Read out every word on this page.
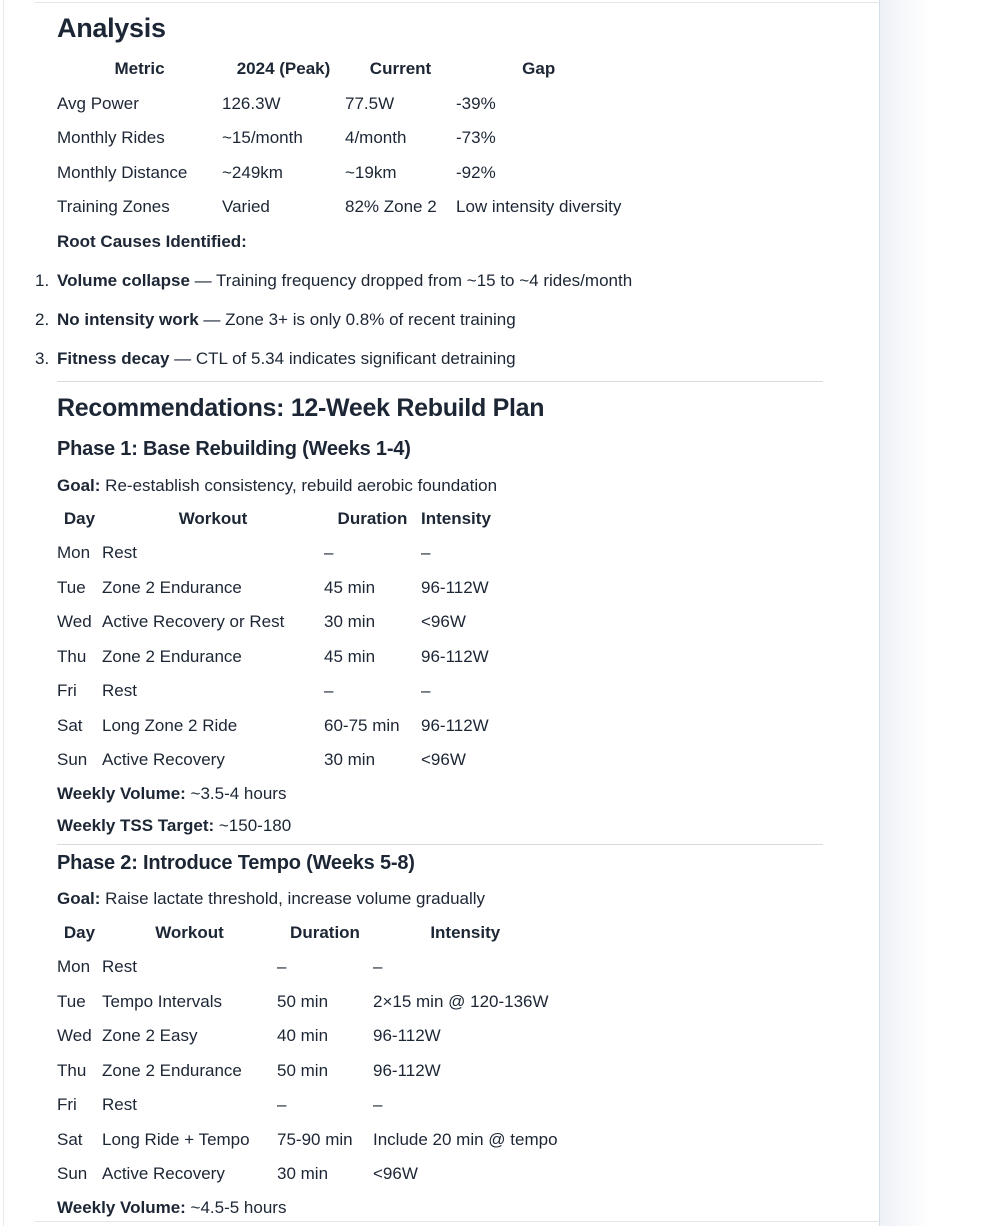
Analysis
Metric	2024 (Peak)	Current	Gap
Avg Power	126.3W	77.5W	-39%
Monthly Rides	~15/month	4/month	-73%
Monthly Distance	~249km	~19km	-92%
Training Zones	Varied	82% Zone 2	Low intensity diversity

Root Causes Identified:

1. Volume collapse — Training frequency dropped from ~15 to ~4 rides/month

2. No intensity work — Zone 3+ is only 0.8% of recent training

3. Fitness decay — CTL of 5.34 indicates significant detraining

Recommendations: 12-Week Rebuild Plan
Phase 1: Base Rebuilding (Weeks 1-4)

Goal: Re-establish consistency, rebuild aerobic foundation

Day	Workout	Duration	Intensity
Mon	Rest	–	–
Tue	Zone 2 Endurance	45 min	96-112W
Wed	Active Recovery or Rest	30 min	<96W
Thu	Zone 2 Endurance	45 min	96-112W
Fri	Rest	–	–
Sat	Long Zone 2 Ride	60-75 min	96-112W
Sun	Active Recovery	30 min	<96W

Weekly Volume: ~3.5-4 hours

Weekly TSS Target: ~150-180

Phase 2: Introduce Tempo (Weeks 5-8)

Goal: Raise lactate threshold, increase volume gradually

Day	Workout	Duration	Intensity
Mon	Rest	–	–
Tue	Tempo Intervals	50 min	2×15 min @ 120-136W
Wed	Zone 2 Easy	40 min	96-112W
Thu	Zone 2 Endurance	50 min	96-112W
Fri	Rest	–	–
Sat	Long Ride + Tempo	75-90 min	Include 20 min @ tempo
Sun	Active Recovery	30 min	<96W

Weekly Volume: ~4.5-5 hours
